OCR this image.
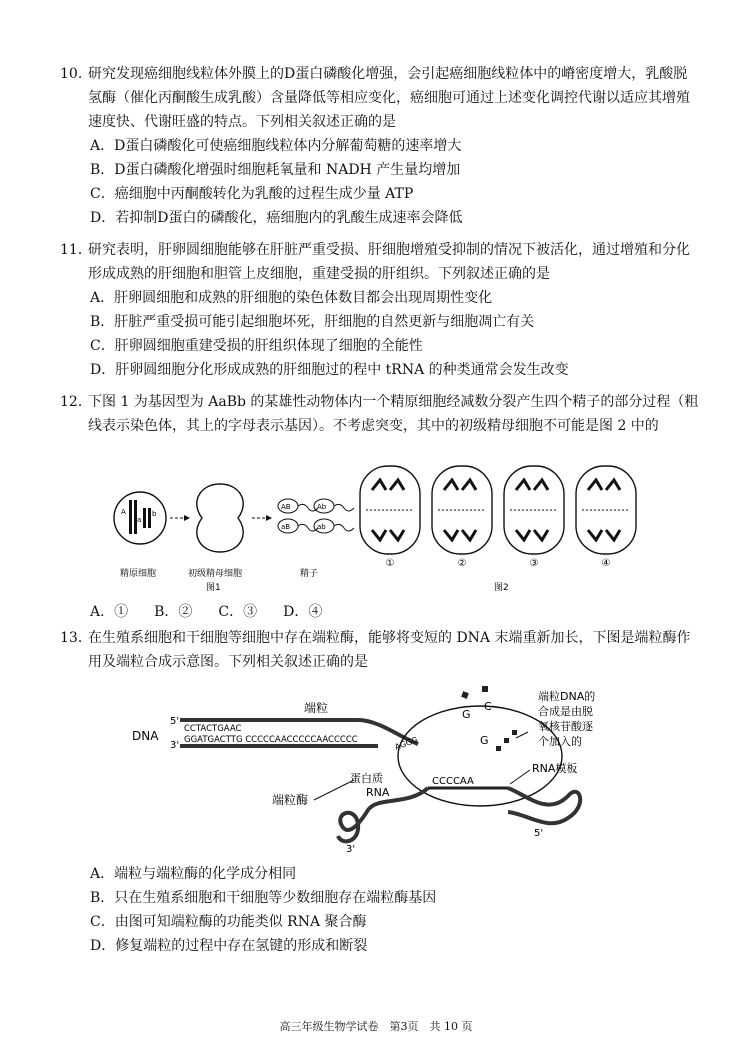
10. 研究发现癌细胞线粒体外膜上的D蛋白磷酸化增强，会引起癌细胞线粒体中的嵴密度增大，乳酸脱氢酶（催化丙酮酸生成乳酸）含量降低等相应变化，癌细胞可通过上述变化调控代谢以适应其增殖速度快、代谢旺盛的特点。下列相关叙述正确的是

A．D蛋白磷酸化可使癌细胞线粒体内分解葡萄糖的速率增大

B．D蛋白磷酸化增强时细胞耗氧量和 NADH 产生量均增加

C．癌细胞中丙酮酸转化为乳酸的过程生成少量 ATP

D．若抑制D蛋白的磷酸化，癌细胞内的乳酸生成速率会降低

11．研究表明，肝卵圆细胞能够在肝脏严重受损、肝细胞增殖受抑制的情况下被活化，通过增殖和分化形成成熟的肝细胞和胆管上皮细胞，重建受损的肝组织。下列叙述正确的是

A．肝卵圆细胞和成熟的肝细胞的染色体数目都会出现周期性变化

B．肝脏严重受损可能引起细胞坏死，肝细胞的自然更新与细胞凋亡有关

C．肝卵圆细胞重建受损的肝组织体现了细胞的全能性

D．肝卵圆细胞分化形成成熟的肝细胞过的程中 tRNA 的种类通常会发生改变

12．下图 1 为基因型为 AaBb 的某雄性动物体内一个精原细胞经减数分裂产生四个精子的部分过程（粗线表示染色体，其上的字母表示基因）。不考虑突变，其中的初级精母细胞不可能是图 2 中的

A
a
b
AB	Ab
aB	ab
精原细胞	初级精母细胞
图1
精子
①	②	③	④
图2
A．① B．② C．③ D．④

13．在生殖系细胞和干细胞等细胞中存在端粒酶，能够将变短的 DNA 末端重新加长，下图是端粒酶作用及端粒合成示意图。下列相关叙述正确的是

DNA
5'
3'
端粒
CCTACTGAAC
GGATGACTTG CCCCCAACCCCCAACCCCC	AGGG
G
C
G
端粒DNA的 合成是由脱 氧核苷酸逐 个加入的
CCCCAA
RNA模板
5'
3'
蛋白质
RNA
端粒酶

A．端粒与端粒酶的化学成分相同

B．只在生殖系细胞和干细胞等少数细胞存在端粒酶基因

C．由图可知端粒酶的功能类似 RNA 聚合酶

D．修复端粒的过程中存在氢键的形成和断裂

高三年级生物学试卷　第3页　共 10 页
